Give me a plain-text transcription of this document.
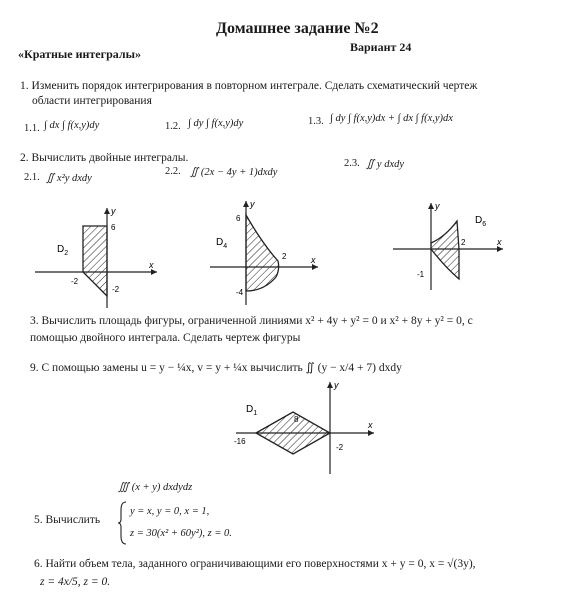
Домашнее задание №2
Вариант 24
«Кратные интегралы»
1. Изменить порядок интегрирования в повторном интеграле. Сделать схематический чертеж
области интегрирования
1.1. ∫ dx ∫ f(x,y)dy	1.2. ∫ dy ∫ f(x,y)dy	1.3. ∫ dy ∫ f(x,y)dx + ∫ dx ∫ f(x,y)dx
2. Вычислить двойные интегралы.
2.1. ∬ x²y dxdy
2.2. ∬ (2x − 4y + 1)dxdy
2.3. ∬ y dxdy
$D_2$
x
y
6
-2
-2
$D_4$
x
y
6
2
-4
$D_6$
x
y
2
-1
3. Вычислить площадь фигуры, ограниченной линиями x² + 4y + y² = 0 и x² + 8y + y² = 0, с
помощью двойного интеграла. Сделать чертеж фигуры
9. С помощью замены u = y − ¼x, v = y + ¼x вычислить ∬ (y − x/4 + 7) dxdy
$D_1$
8
-16
-2
x
y
∭ (x + y) dxdydz
5. Вычислить
y = x, y = 0, x = 1,
z = 30(x² + 60y²), z = 0.
6. Найти объем тела, заданного ограничивающими его поверхностями x + y = 0, x = √(3y),
z = 4x/5, z = 0.
